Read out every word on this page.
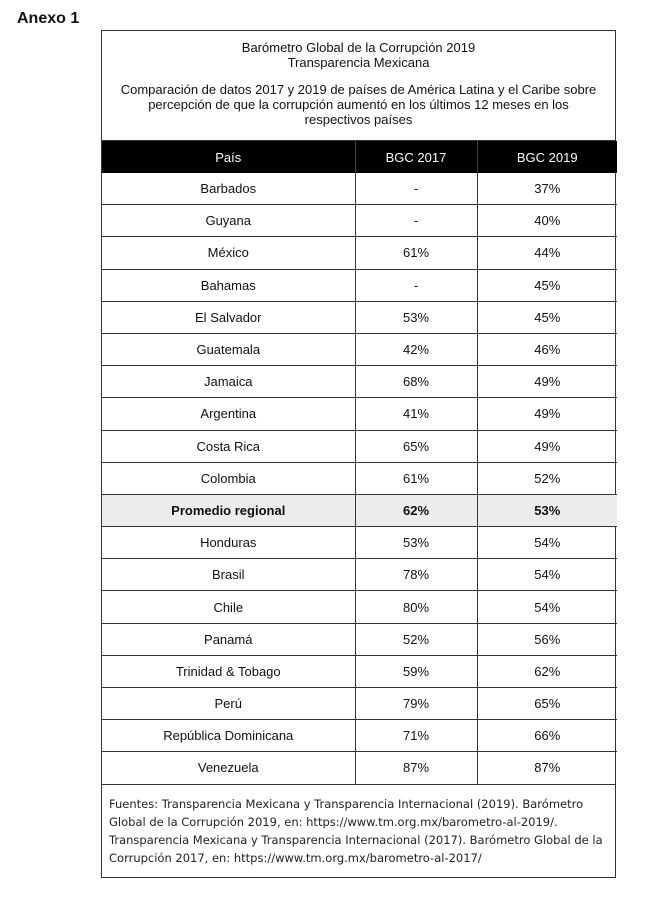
Anexo 1
Barómetro Global de la Corrupción 2019
Transparencia Mexicana
Comparación de datos 2017 y 2019 de países de América Latina y el Caribe sobre percepción de que la corrupción aumentó en los últimos 12 meses en los respectivos países
País	BGC 2017	BGC 2019
Barbados	-	37%
Guyana	-	40%
México	61%	44%
Bahamas	-	45%
El Salvador	53%	45%
Guatemala	42%	46%
Jamaica	68%	49%
Argentina	41%	49%
Costa Rica	65%	49%
Colombia	61%	52%
Promedio regional	62%	53%
Honduras	53%	54%
Brasil	78%	54%
Chile	80%	54%
Panamá	52%	56%
Trinidad & Tobago	59%	62%
Perú	79%	65%
República Dominicana	71%	66%
Venezuela	87%	87%
Fuentes: Transparencia Mexicana y Transparencia Internacional (2019). Barómetro Global de la Corrupción 2019, en: https://www.tm.org.mx/barometro-al-2019/. Transparencia Mexicana y Transparencia Internacional (2017). Barómetro Global de la Corrupción 2017, en: https://www.tm.org.mx/barometro-al-2017/
